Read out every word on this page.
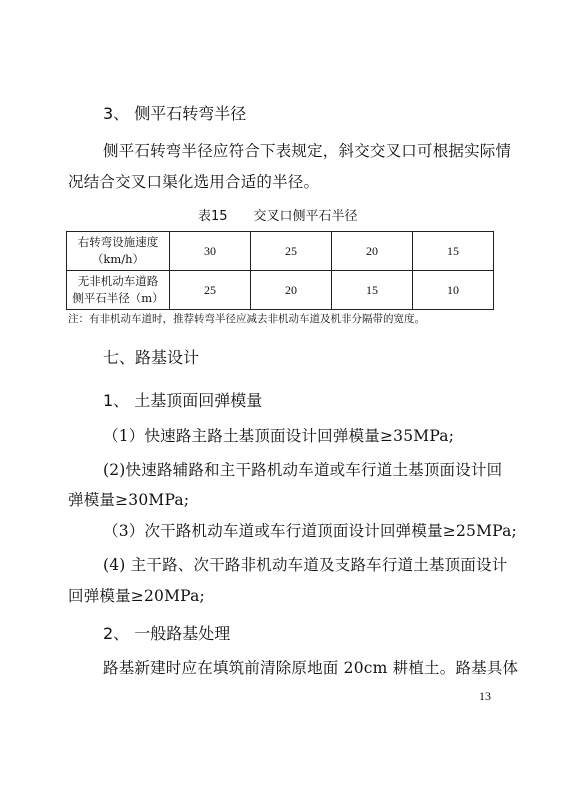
3、 侧平石转弯半径
侧平石转弯半径应符合下表规定，斜交交叉口可根据实际情
况结合交叉口渠化选用合适的半径。
表15　　交叉口侧平石半径
右转弯设施速度
（km/h）	30	25	20	15

无非机动车道路
侧平石半径（m）	25	20	15	10
注：有非机动车道时，推荐转弯半径应减去非机动车道及机非分隔带的宽度。
七、路基设计
1、 土基顶面回弹模量
（1）快速路主路土基顶面设计回弹模量≥35MPa;
(2)快速路辅路和主干路机动车道或车行道土基顶面设计回
弹模量≥30MPa;
（3）次干路机动车道或车行道顶面设计回弹模量≥25MPa;
(4) 主干路、次干路非机动车道及支路车行道土基顶面设计
回弹模量≥20MPa;
2、 一般路基处理
路基新建时应在填筑前清除原地面 20cm 耕植土。路基具体
13
